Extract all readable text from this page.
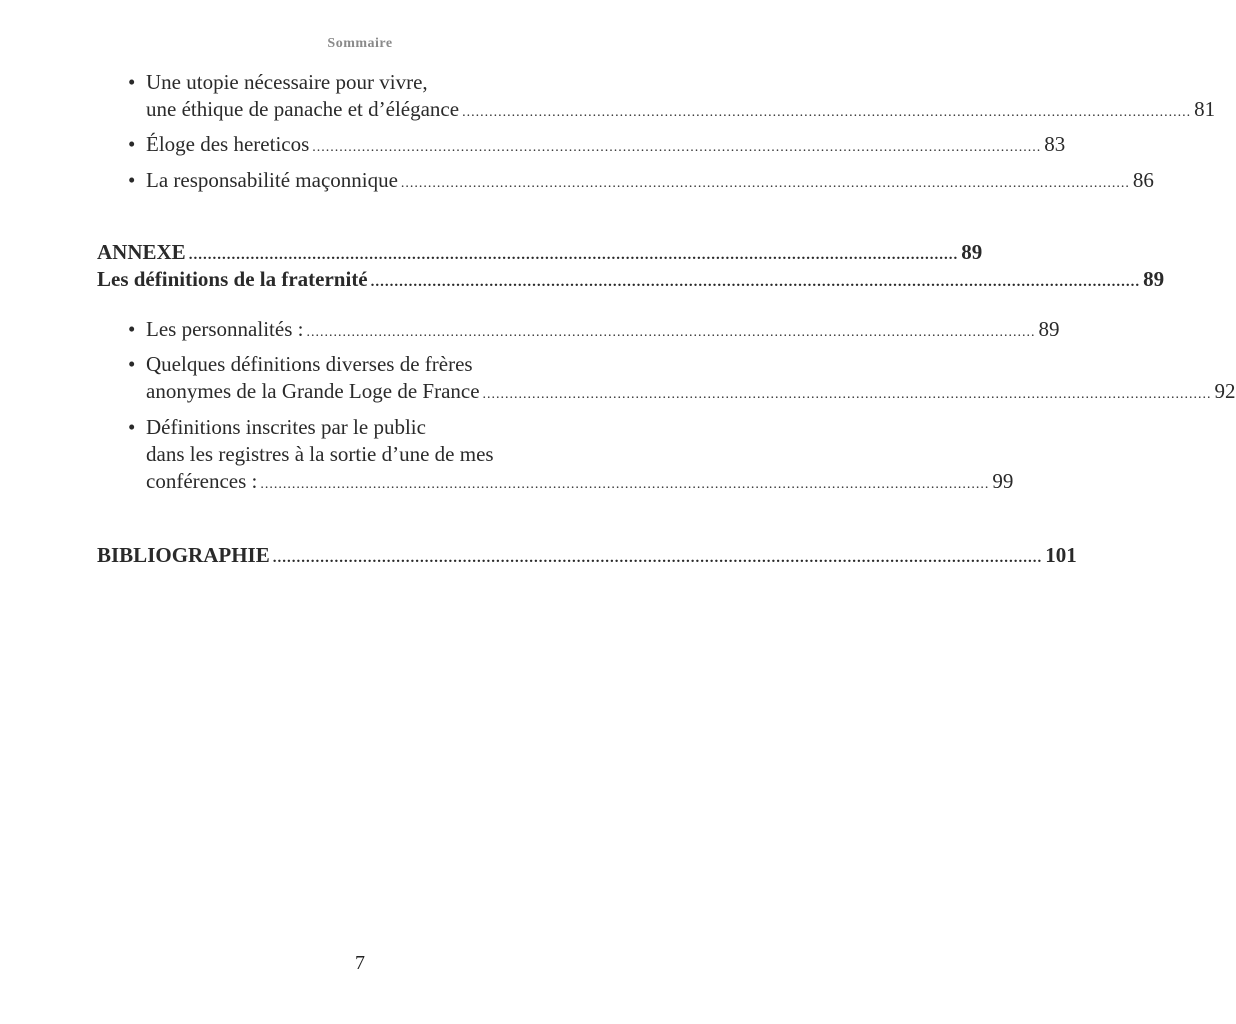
Sommaire
• Une utopie nécessaire pour vivre,
une éthique de panache et d’élégance .................................................................................................................................................................. 81
• Éloge des hereticos .................................................................................................................................................................. 83
• La responsabilité maçonnique .................................................................................................................................................................. 86
ANNEXE .................................................................................................................................................................. 89
Les définitions de la fraternité .................................................................................................................................................................. 89
• Les personnalités : .................................................................................................................................................................. 89
• Quelques définitions diverses de frères
anonymes de la Grande Loge de France .................................................................................................................................................................. 92
• Définitions inscrites par le public
dans les registres à la sortie d’une de mes
conférences : .................................................................................................................................................................. 99
BIBLIOGRAPHIE .................................................................................................................................................................. 101
7
